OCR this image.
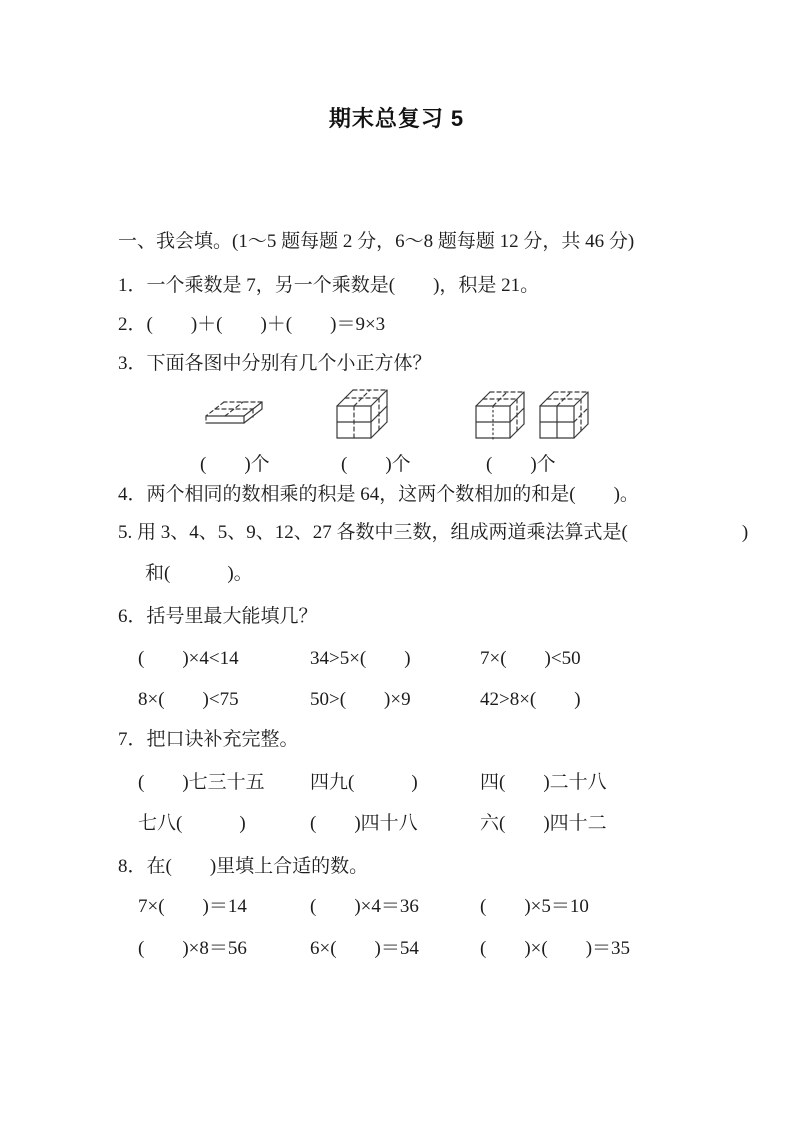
期末总复习 5

一、我会填。(1～5 题每题 2 分，6～8 题每题 12 分，共 46 分)

1．一个乘数是 7，另一个乘数是(　　)，积是 21。

2．(　　)＋(　　)＋(　　)＝9×3

3．下面各图中分别有几个小正方体？

(　　)个	(　　)个	(　　)个

4．两个相同的数相乘的积是 64，这两个数相加的和是(　　)。

5. 用 3、4、5、9、12、27 各数中三数，组成两道乘法算式是(　　　　　　)

和(　　　)。

6．括号里最大能填几？

(　　)×4<14	34>5×(　　)	7×(　　)<50
8×(　　)<75	50>(　　)×9	42>8×(　　)

7．把口诀补充完整。

(　　)七三十五	四九(　　　)	四(　　)二十八
七八(　　　)	(　　)四十八	六(　　)四十二

8．在(　　)里填上合适的数。

7×(　　)＝14	(　　)×4＝36	(　　)×5＝10
(　　)×8＝56	6×(　　)＝54	(　　)×(　　)＝35
